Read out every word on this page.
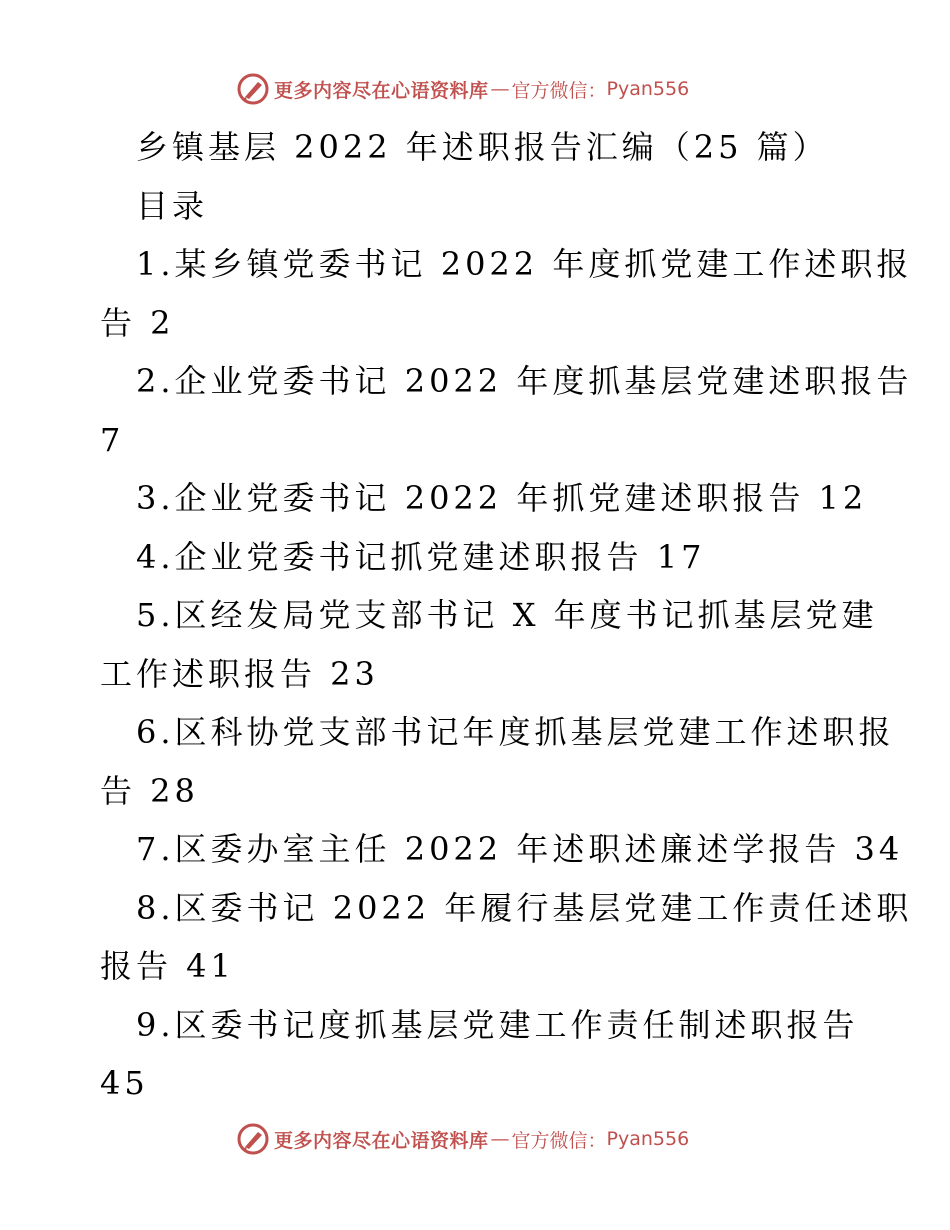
更多内容尽在心语资料库 — 官方微信： Pyan556
乡镇基层 2022 年述职报告汇编（25 篇）
目录
1.某乡镇党委书记 2022 年度抓党建工作述职报
告 2
2.企业党委书记 2022 年度抓基层党建述职报告
7
3.企业党委书记 2022 年抓党建述职报告 12
4.企业党委书记抓党建述职报告 17
5.区经发局党支部书记 X 年度书记抓基层党建
工作述职报告 23
6.区科协党支部书记年度抓基层党建工作述职报
告 28
7.区委办室主任 2022 年述职述廉述学报告 34
8.区委书记 2022 年履行基层党建工作责任述职
报告 41
9.区委书记度抓基层党建工作责任制述职报告
45
更多内容尽在心语资料库 — 官方微信： Pyan556
